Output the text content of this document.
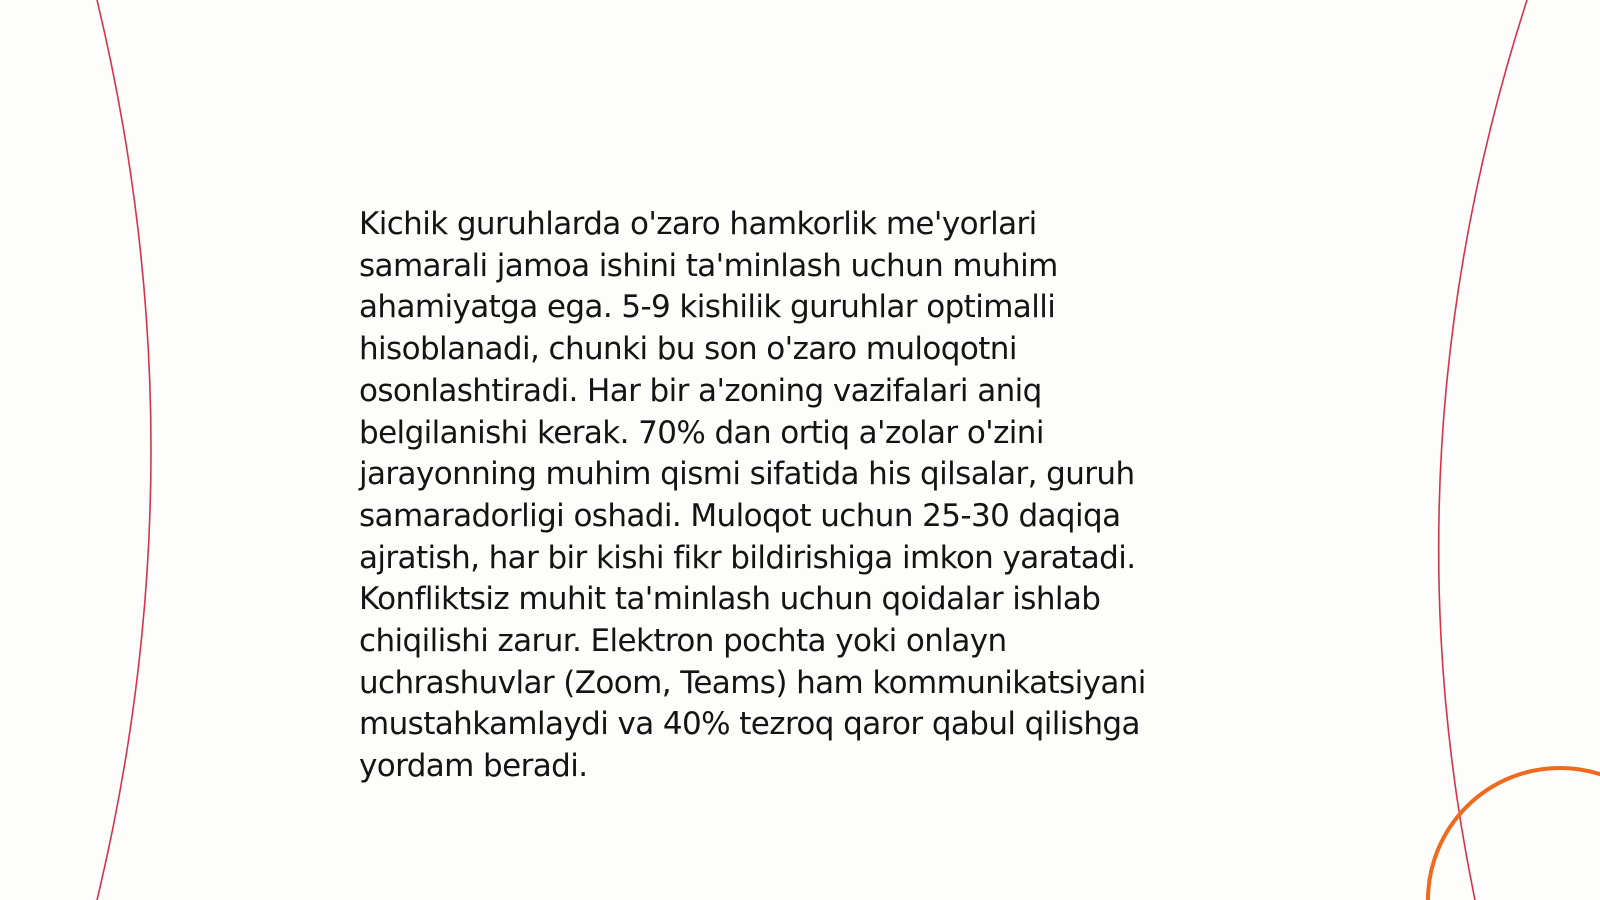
Kichik guruhlarda o'zaro hamkorlik me'yorlari
samarali jamoa ishini ta'minlash uchun muhim
ahamiyatga ega. 5-9 kishilik guruhlar optimalli
hisoblanadi, chunki bu son o'zaro muloqotni
osonlashtiradi. Har bir a'zoning vazifalari aniq
belgilanishi kerak. 70% dan ortiq a'zolar o'zini
jarayonning muhim qismi sifatida his qilsalar, guruh
samaradorligi oshadi. Muloqot uchun 25-30 daqiqa
ajratish, har bir kishi fikr bildirishiga imkon yaratadi.
Konfliktsiz muhit ta'minlash uchun qoidalar ishlab
chiqilishi zarur. Elektron pochta yoki onlayn
uchrashuvlar (Zoom, Teams) ham kommunikatsiyani
mustahkamlaydi va 40% tezroq qaror qabul qilishga
yordam beradi.
